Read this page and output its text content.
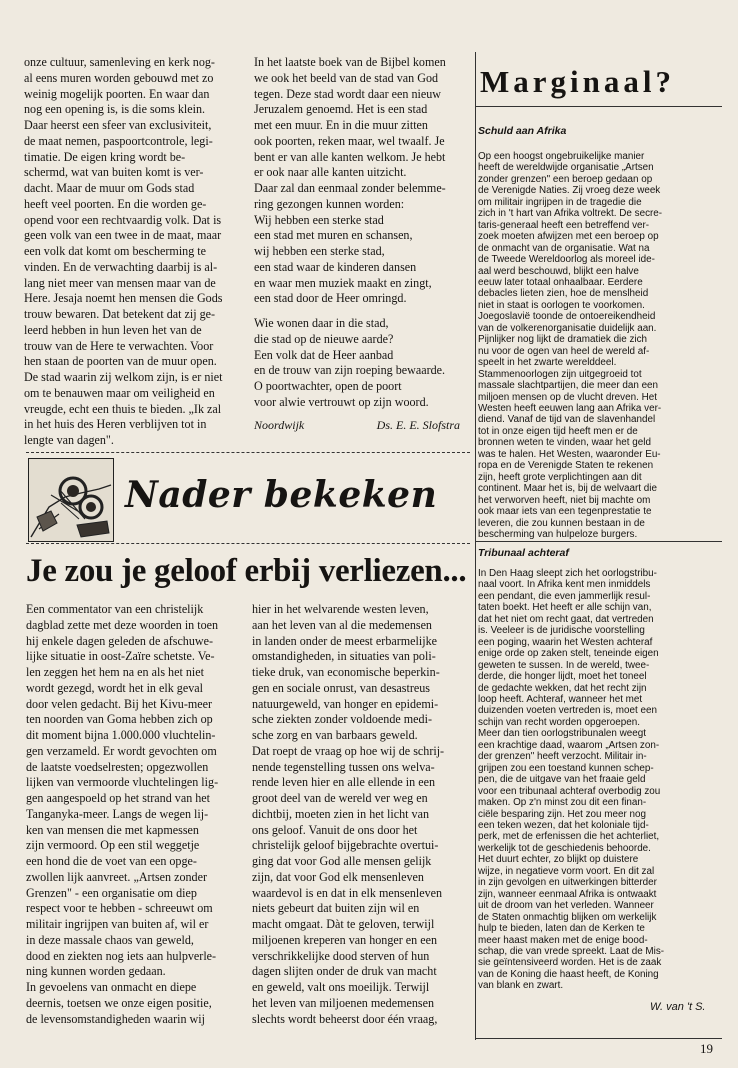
onze cultuur, samenleving en kerk nog-

al eens muren worden gebouwd met zo

weinig mogelijk poorten. En waar dan

nog een opening is, is die soms klein.

Daar heerst een sfeer van exclusiviteit,

de maat nemen, paspoortcontrole, legi-

timatie. De eigen kring wordt be-

schermd, wat van buiten komt is ver-

dacht. Maar de muur om Gods stad

heeft veel poorten. En die worden ge-

opend voor een rechtvaardig volk. Dat is

geen volk van een twee in de maat, maar

een volk dat komt om bescherming te

vinden. En de verwachting daarbij is al-

lang niet meer van mensen maar van de

Here. Jesaja noemt hen mensen die Gods

trouw bewaren. Dat betekent dat zij ge-

leerd hebben in hun leven het van de

trouw van de Here te verwachten. Voor

hen staan de poorten van de muur open.

De stad waarin zij welkom zijn, is er niet

om te benauwen maar om veiligheid en

vreugde, echt een thuis te bieden. „Ik zal

in het huis des Heren verblijven tot in

lengte van dagen".

In het laatste boek van de Bijbel komen

we ook het beeld van de stad van God

tegen. Deze stad wordt daar een nieuw

Jeruzalem genoemd. Het is een stad

met een muur. En in die muur zitten

ook poorten, reken maar, wel twaalf. Je

bent er van alle kanten welkom. Je hebt

er ook naar alle kanten uitzicht.

Daar zal dan eenmaal zonder belemme-

ring gezongen kunnen worden:

Wij hebben een sterke stad

een stad met muren en schansen,

wij hebben een sterke stad,

een stad waar de kinderen dansen

en waar men muziek maakt en zingt,

een stad door de Heer omringd.

Wie wonen daar in die stad,

die stad op de nieuwe aarde?

Een volk dat de Heer aanbad

en de trouw van zijn roeping bewaarde.

O poortwachter, open de poort

voor alwie vertrouwt op zijn woord.

Noordwijk	Ds. E. E. Slofstra
Nader bekeken
Je zou je geloof erbij verliezen...

Een commentator van een christelijk

dagblad zette met deze woorden in toen

hij enkele dagen geleden de afschuwe-

lijke situatie in oost-Zaïre schetste. Ve-

len zeggen het hem na en als het niet

wordt gezegd, wordt het in elk geval

door velen gedacht. Bij het Kivu-meer

ten noorden van Goma hebben zich op

dit moment bijna 1.000.000 vluchtelin-

gen verzameld. Er wordt gevochten om

de laatste voedselresten; opgezwollen

lijken van vermoorde vluchtelingen lig-

gen aangespoeld op het strand van het

Tanganyka-meer. Langs de wegen lij-

ken van mensen die met kapmessen

zijn vermoord. Op een stil weggetje

een hond die de voet van een opge-

zwollen lijk aanvreet. „Artsen zonder

Grenzen" - een organisatie om diep

respect voor te hebben - schreeuwt om

militair ingrijpen van buiten af, wil er

in deze massale chaos van geweld,

dood en ziekten nog iets aan hulpverle-

ning kunnen worden gedaan.

In gevoelens van onmacht en diepe

deernis, toetsen we onze eigen positie,

de levensomstandigheden waarin wij

hier in het welvarende westen leven,

aan het leven van al die medemensen

in landen onder de meest erbarmelijke

omstandigheden, in situaties van poli-

tieke druk, van economische beperkin-

gen en sociale onrust, van desastreus

natuurgeweld, van honger en epidemi-

sche ziekten zonder voldoende medi-

sche zorg en van barbaars geweld.

Dat roept de vraag op hoe wij de schrij-

nende tegenstelling tussen ons welva-

rende leven hier en alle ellende in een

groot deel van de wereld ver weg en

dichtbij, moeten zien in het licht van

ons geloof. Vanuit de ons door het

christelijk geloof bijgebrachte overtui-

ging dat voor God alle mensen gelijk

zijn, dat voor God elk mensenleven

waardevol is en dat in elk mensenleven

niets gebeurt dat buiten zijn wil en

macht omgaat. Dàt te geloven, terwijl

miljoenen kreperen van honger en een

verschrikkelijke dood sterven of hun

dagen slijten onder de druk van macht

en geweld, valt ons moeilijk. Terwijl

het leven van miljoenen medemensen

slechts wordt beheerst door één vraag,

Marginaal?
Schuld aan Afrika

Op een hoogst ongebruikelijke manier

heeft de wereldwijde organisatie „Artsen

zonder grenzen" een beroep gedaan op

de Verenigde Naties. Zij vroeg deze week

om militair ingrijpen in de tragedie die

zich in 't hart van Afrika voltrekt. De secre-

taris-generaal heeft een betreffend ver-

zoek moeten afwijzen met een beroep op

de onmacht van de organisatie. Wat na

de Tweede Wereldoorlog als moreel ide-

aal werd beschouwd, blijkt een halve

eeuw later totaal onhaalbaar. Eerdere

debacles lieten zien, hoe de menslheid

niet in staat is oorlogen te voorkomen.

Joegoslavië toonde de ontoereikendheid

van de volkerenorganisatie duidelijk aan.

Pijnlijker nog lijkt de dramatiek die zich

nu voor de ogen van heel de wereld af-

speelt in het zwarte werelddeel.

Stammenoorlogen zijn uitgegroeid tot

massale slachtpartijen, die meer dan een

miljoen mensen op de vlucht dreven. Het

Westen heeft eeuwen lang aan Afrika ver-

diend. Vanaf de tijd van de slavenhandel

tot in onze eigen tijd heeft men er de

bronnen weten te vinden, waar het geld

was te halen. Het Westen, waaronder Eu-

ropa en de Verenigde Staten te rekenen

zijn, heeft grote verplichtingen aan dit

continent. Maar het is, bij de welvaart die

het verworven heeft, niet bij machte om

ook maar iets van een tegenprestatie te

leveren, die zou kunnen bestaan in de

bescherming van hulpeloze burgers.

Tribunaal achteraf

In Den Haag sleept zich het oorlogstribu-

naal voort. In Afrika kent men inmiddels

een pendant, die even jammerlijk resul-

taten boekt. Het heeft er alle schijn van,

dat het niet om recht gaat, dat vertreden

is. Veeleer is de juridische voorstelling

een poging, waarin het Westen achteraf

enige orde op zaken stelt, teneinde eigen

geweten te sussen. In de wereld, twee-

derde, die honger lijdt, moet het toneel

de gedachte wekken, dat het recht zijn

loop heeft. Achteraf, wanneer het met

duizenden voeten vertreden is, moet een

schijn van recht worden opgeroepen.

Meer dan tien oorlogstribunalen weegt

een krachtige daad, waarom „Artsen zon-

der grenzen" heeft verzocht. Militair in-

grijpen zou een toestand kunnen schep-

pen, die de uitgave van het fraaie geld

voor een tribunaal achteraf overbodig zou

maken. Op z'n minst zou dit een finan-

ciële besparing zijn. Het zou meer nog

een teken wezen, dat het koloniale tijd-

perk, met de erfenissen die het achterliet,

werkelijk tot de geschiedenis behoorde.

Het duurt echter, zo blijkt op duistere

wijze, in negatieve vorm voort. En dit zal

in zijn gevolgen en uitwerkingen bitterder

zijn, wanneer eenmaal Afrika is ontwaakt

uit de droom van het verleden. Wanneer

de Staten onmachtig blijken om werkelijk

hulp te bieden, laten dan de Kerken te

meer haast maken met de enige bood-

schap, die van vrede spreekt. Laat de Mis-

sie geïntensiveerd worden. Het is de zaak

van de Koning die haast heeft, de Koning

van blank en zwart.

W. van 't S.
19
